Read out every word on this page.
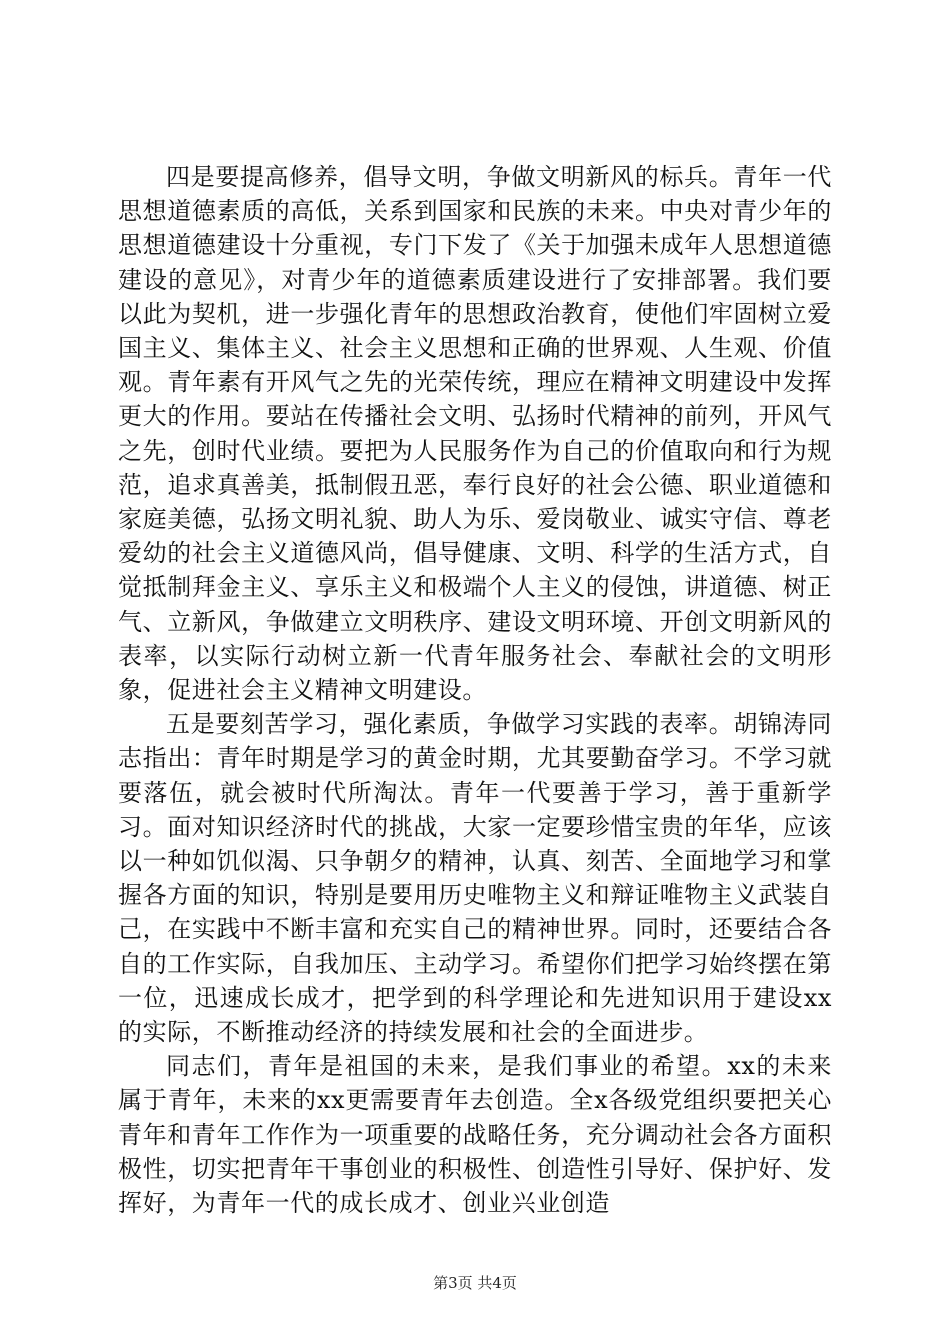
四是要提高修养，倡导文明，争做文明新风的标兵。青年一代思想道德素质的高低，关系到国家和民族的未来。中央对青少年的思想道德建设十分重视，专门下发了《关于加强未成年人思想道德建设的意见》，对青少年的道德素质建设进行了安排部署。我们要以此为契机，进一步强化青年的思想政治教育，使他们牢固树立爱国主义、集体主义、社会主义思想和正确的世界观、人生观、价值观。青年素有开风气之先的光荣传统，理应在精神文明建设中发挥更大的作用。要站在传播社会文明、弘扬时代精神的前列，开风气之先，创时代业绩。要把为人民服务作为自己的价值取向和行为规范，追求真善美，抵制假丑恶，奉行良好的社会公德、职业道德和家庭美德，弘扬文明礼貌、助人为乐、爱岗敬业、诚实守信、尊老爱幼的社会主义道德风尚，倡导健康、文明、科学的生活方式，自觉抵制拜金主义、享乐主义和极端个人主义的侵蚀，讲道德、树正气、立新风，争做建立文明秩序、建设文明环境、开创文明新风的表率，以实际行动树立新一代青年服务社会、奉献社会的文明形象，促进社会主义精神文明建设。

五是要刻苦学习，强化素质，争做学习实践的表率。胡锦涛同志指出：青年时期是学习的黄金时期，尤其要勤奋学习。不学习就要落伍，就会被时代所淘汰。青年一代要善于学习，善于重新学习。面对知识经济时代的挑战，大家一定要珍惜宝贵的年华，应该以一种如饥似渴、只争朝夕的精神，认真、刻苦、全面地学习和掌握各方面的知识，特别是要用历史唯物主义和辩证唯物主义武装自己，在实践中不断丰富和充实自己的精神世界。同时，还要结合各自的工作实际，自我加压、主动学习。希望你们把学习始终摆在第一位，迅速成长成才，把学到的科学理论和先进知识用于建设xx的实际，不断推动经济的持续发展和社会的全面进步。

同志们，青年是祖国的未来，是我们事业的希望。xx的未来属于青年，未来的xx更需要青年去创造。全x各级党组织要把关心青年和青年工作作为一项重要的战略任务，充分调动社会各方面积极性，切实把青年干事创业的积极性、创造性引导好、保护好、发挥好，为青年一代的成长成才、创业兴业创造

第3页 共4页
